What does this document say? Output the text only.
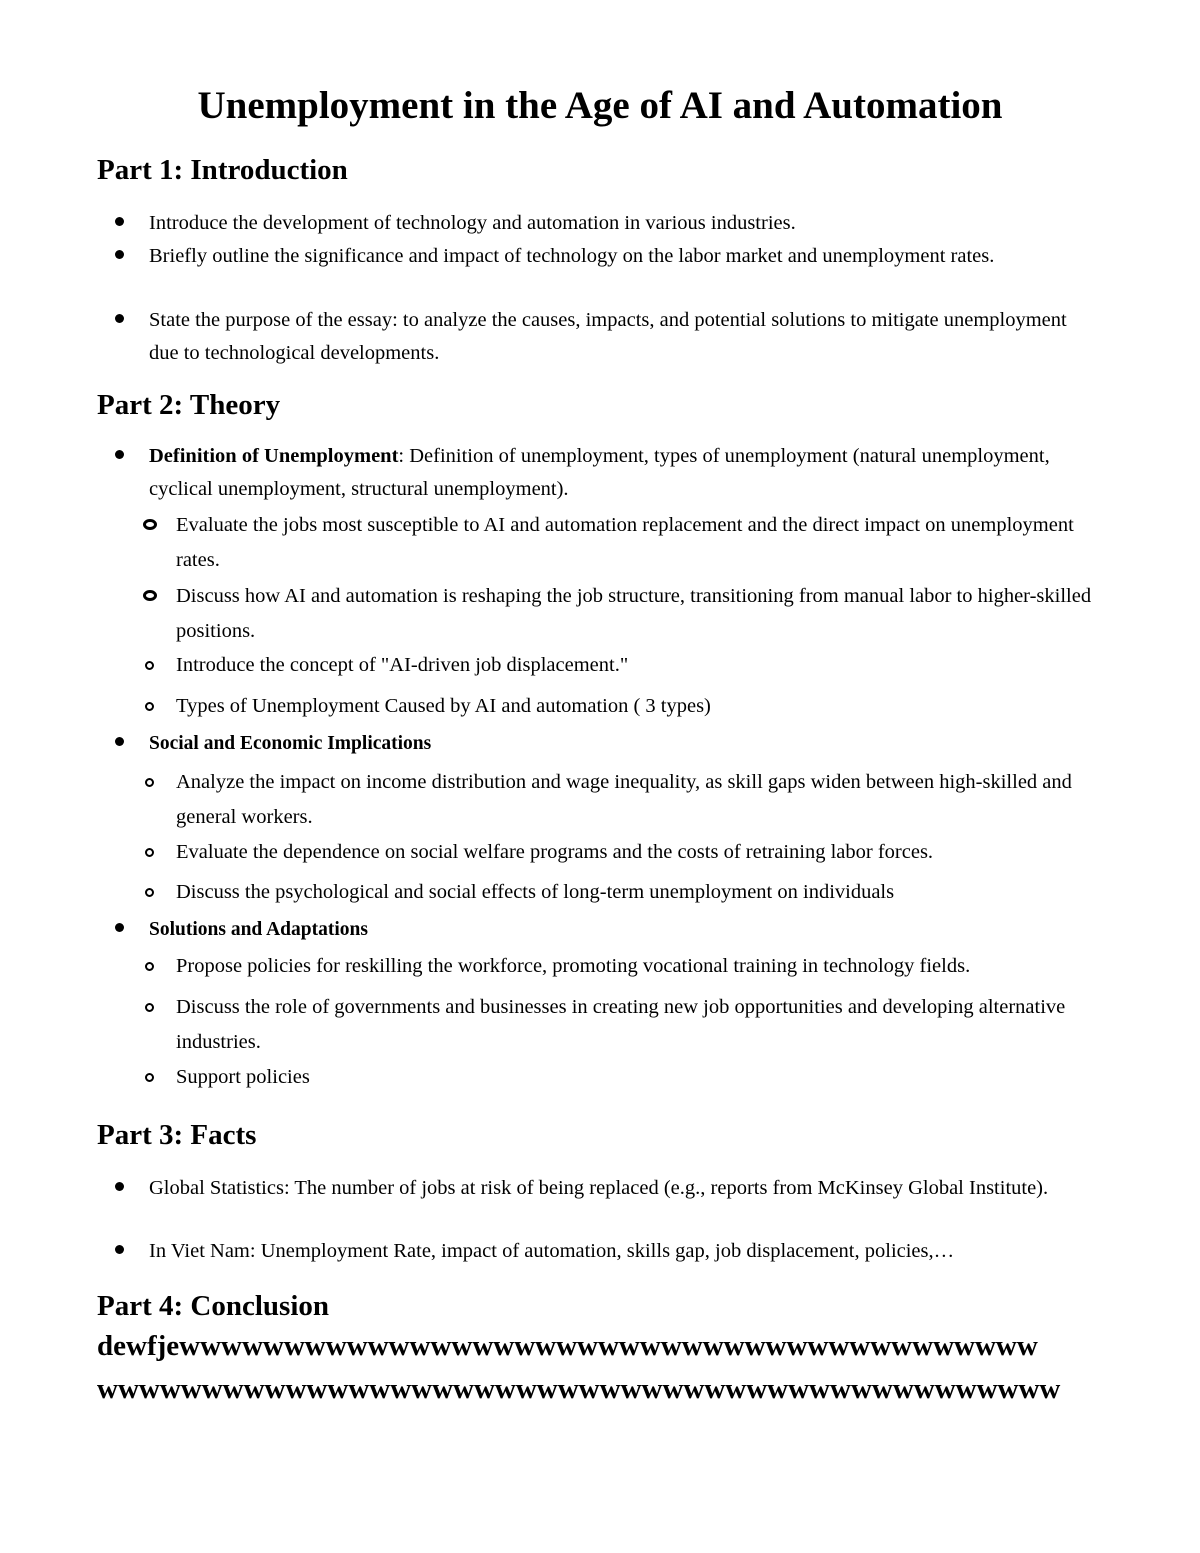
Unemployment in the Age of AI and Automation
Part 1: Introduction

Introduce the development of technology and automation in various industries.

Briefly outline the significance and impact of technology on the labor market and unemployment rates.

State the purpose of the essay: to analyze the causes, impacts, and potential solutions to mitigate unemployment due to technological developments.

Part 2: Theory

Definition of Unemployment: Definition of unemployment, types of unemployment (natural unemployment, cyclical unemployment, structural unemployment).

Evaluate the jobs most susceptible to AI and automation replacement and the direct impact on unemployment rates.

Discuss how AI and automation is reshaping the job structure, transitioning from manual labor to higher-skilled positions.

Introduce the concept of "AI-driven job displacement."

Types of Unemployment Caused by AI and automation ( 3 types)

Social and Economic Implications

Analyze the impact on income distribution and wage inequality, as skill gaps widen between high-skilled and general workers.

Evaluate the dependence on social welfare programs and the costs of retraining labor forces.

Discuss the psychological and social effects of long-term unemployment on individuals

Solutions and Adaptations

Propose policies for reskilling the workforce, promoting vocational training in technology fields.

Discuss the role of governments and businesses in creating new job opportunities and developing alternative industries.

Support policies

Part 3: Facts

Global Statistics: The number of jobs at risk of being replaced (e.g., reports from McKinsey Global Institute).

In Viet Nam: Unemployment Rate, impact of automation, skills gap, job displacement, policies,…

Part 4: Conclusion

dewfjewwwwwwwwwwwwwwwwwwwwwwwwwwwwwwwwwwwwwwwww

wwwwwwwwwwwwwwwwwwwwwwwwwwwwwwwwwwwwwwwwwwwwww
